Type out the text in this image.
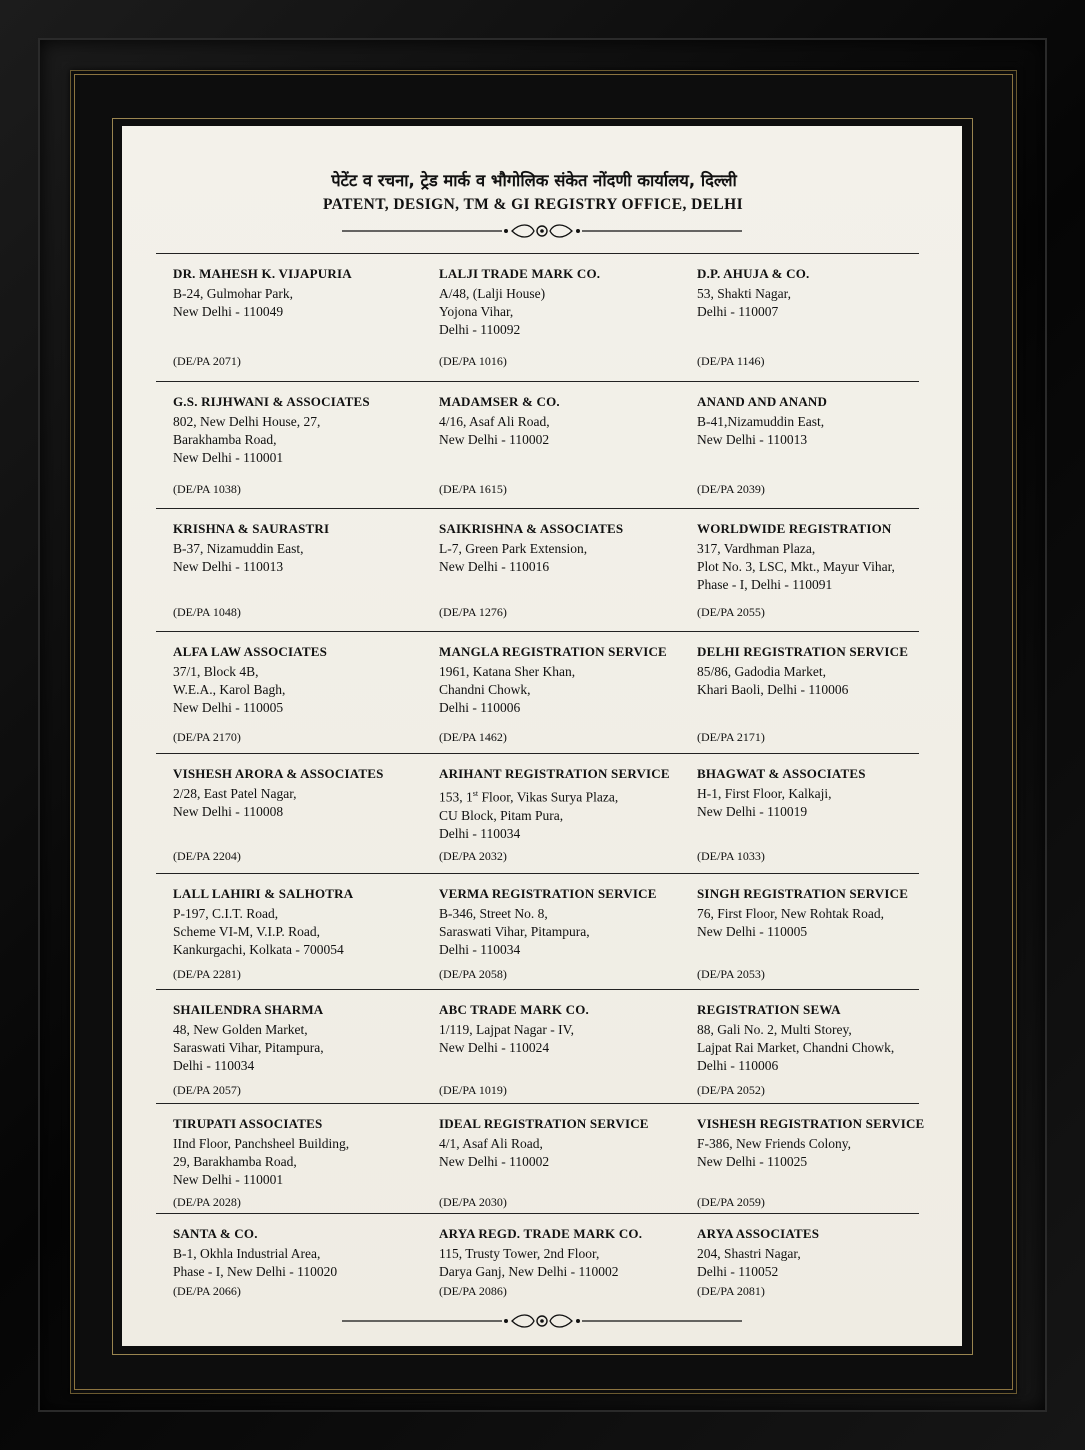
पेटेंट व रचना, ट्रेड मार्क व भौगोलिक संकेत नोंदणी कार्यालय, दिल्ली
PATENT, DESIGN, TM & GI REGISTRY OFFICE, DELHI
DR. MAHESH K. VIJAPURIA
B-24, Gulmohar Park,
New Delhi - 110049
(DE/PA 2071)
LALJI TRADE MARK CO.
A/48, (Lalji House)
Yojona Vihar,
Delhi - 110092
(DE/PA 1016)
D.P. AHUJA & CO.
53, Shakti Nagar,
Delhi - 110007
(DE/PA 1146)
G.S. RIJHWANI & ASSOCIATES
802, New Delhi House, 27,
Barakhamba Road,
New Delhi - 110001
(DE/PA 1038)
MADAMSER & CO.
4/16, Asaf Ali Road,
New Delhi - 110002
(DE/PA 1615)
ANAND AND ANAND
B-41,Nizamuddin East,
New Delhi - 110013
(DE/PA 2039)
KRISHNA & SAURASTRI
B-37, Nizamuddin East,
New Delhi - 110013
(DE/PA 1048)
SAIKRISHNA & ASSOCIATES
L-7, Green Park Extension,
New Delhi - 110016
(DE/PA 1276)
WORLDWIDE REGISTRATION
317, Vardhman Plaza,
Plot No. 3, LSC, Mkt., Mayur Vihar,
Phase - I, Delhi - 110091
(DE/PA 2055)
ALFA LAW ASSOCIATES
37/1, Block 4B,
W.E.A., Karol Bagh,
New Delhi - 110005
(DE/PA 2170)
MANGLA REGISTRATION SERVICE
1961, Katana Sher Khan,
Chandni Chowk,
Delhi - 110006
(DE/PA 1462)
DELHI REGISTRATION SERVICE
85/86, Gadodia Market,
Khari Baoli, Delhi - 110006
(DE/PA 2171)
VISHESH ARORA & ASSOCIATES
2/28, East Patel Nagar,
New Delhi - 110008
(DE/PA 2204)
ARIHANT REGISTRATION SERVICE
153, 1st Floor, Vikas Surya Plaza,
CU Block, Pitam Pura,
Delhi - 110034
(DE/PA 2032)
BHAGWAT & ASSOCIATES
H-1, First Floor, Kalkaji,
New Delhi - 110019
(DE/PA 1033)
LALL LAHIRI & SALHOTRA
P-197, C.I.T. Road,
Scheme VI-M, V.I.P. Road,
Kankurgachi, Kolkata - 700054
(DE/PA 2281)
VERMA REGISTRATION SERVICE
B-346, Street No. 8,
Saraswati Vihar, Pitampura,
Delhi - 110034
(DE/PA 2058)
SINGH REGISTRATION SERVICE
76, First Floor, New Rohtak Road,
New Delhi - 110005
(DE/PA 2053)
SHAILENDRA SHARMA
48, New Golden Market,
Saraswati Vihar, Pitampura,
Delhi - 110034
(DE/PA 2057)
ABC TRADE MARK CO.
1/119, Lajpat Nagar - IV,
New Delhi - 110024
(DE/PA 1019)
REGISTRATION SEWA
88, Gali No. 2, Multi Storey,
Lajpat Rai Market, Chandni Chowk,
Delhi - 110006
(DE/PA 2052)
TIRUPATI ASSOCIATES
IInd Floor, Panchsheel Building,
29, Barakhamba Road,
New Delhi - 110001
(DE/PA 2028)
IDEAL REGISTRATION SERVICE
4/1, Asaf Ali Road,
New Delhi - 110002
(DE/PA 2030)
VISHESH REGISTRATION SERVICE
F-386, New Friends Colony,
New Delhi - 110025
(DE/PA 2059)
SANTA & CO.
B-1, Okhla Industrial Area,
Phase - I, New Delhi - 110020
(DE/PA 2066)
ARYA REGD. TRADE MARK CO.
115, Trusty Tower, 2nd Floor,
Darya Ganj, New Delhi - 110002
(DE/PA 2086)
ARYA ASSOCIATES
204, Shastri Nagar,
Delhi - 110052
(DE/PA 2081)
